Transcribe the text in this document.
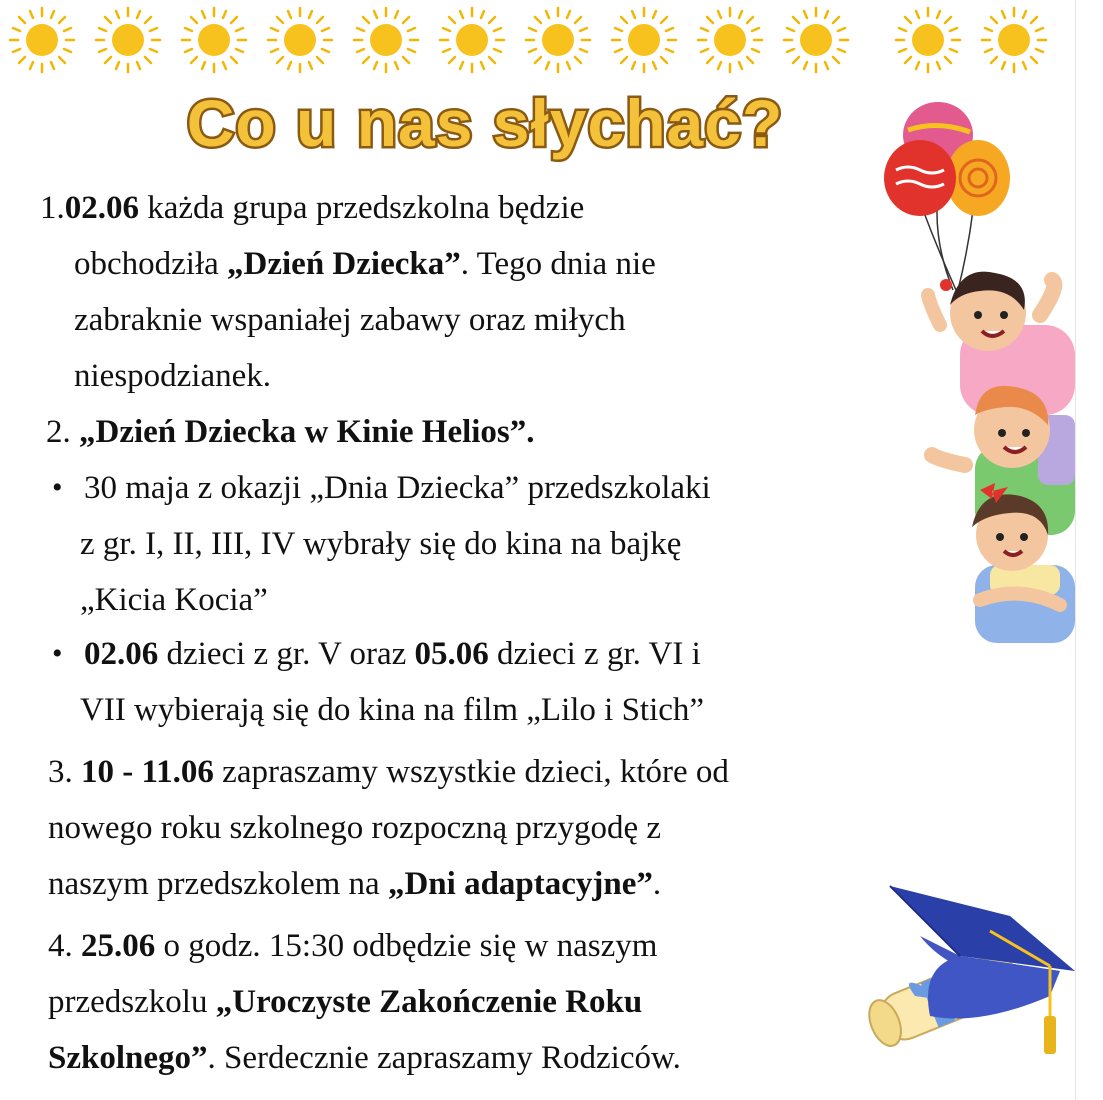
Co u nas słychać?
1.02.06 każda grupa przedszkolna będzie
obchodziła „Dzień Dziecka”. Tego dnia nie
zabraknie wspaniałej zabawy oraz miłych
niespodzianek.
2. „Dzień Dziecka w Kinie Helios”.
• 30 maja z okazji „Dnia Dziecka” przedszkolaki
z gr. I, II, III, IV wybrały się do kina na bajkę
„Kicia Kocia”
• 02.06 dzieci z gr. V oraz 05.06 dzieci z gr. VI i
VII wybierają się do kina na film „Lilo i Stich”
3. 10 - 11.06 zapraszamy wszystkie dzieci, które od
nowego roku szkolnego rozpoczną przygodę z
naszym przedszkolem na „Dni adaptacyjne”.
4. 25.06 o godz. 15:30 odbędzie się w naszym
przedszkolu „Uroczyste Zakończenie Roku
Szkolnego”. Serdecznie zapraszamy Rodziców.
